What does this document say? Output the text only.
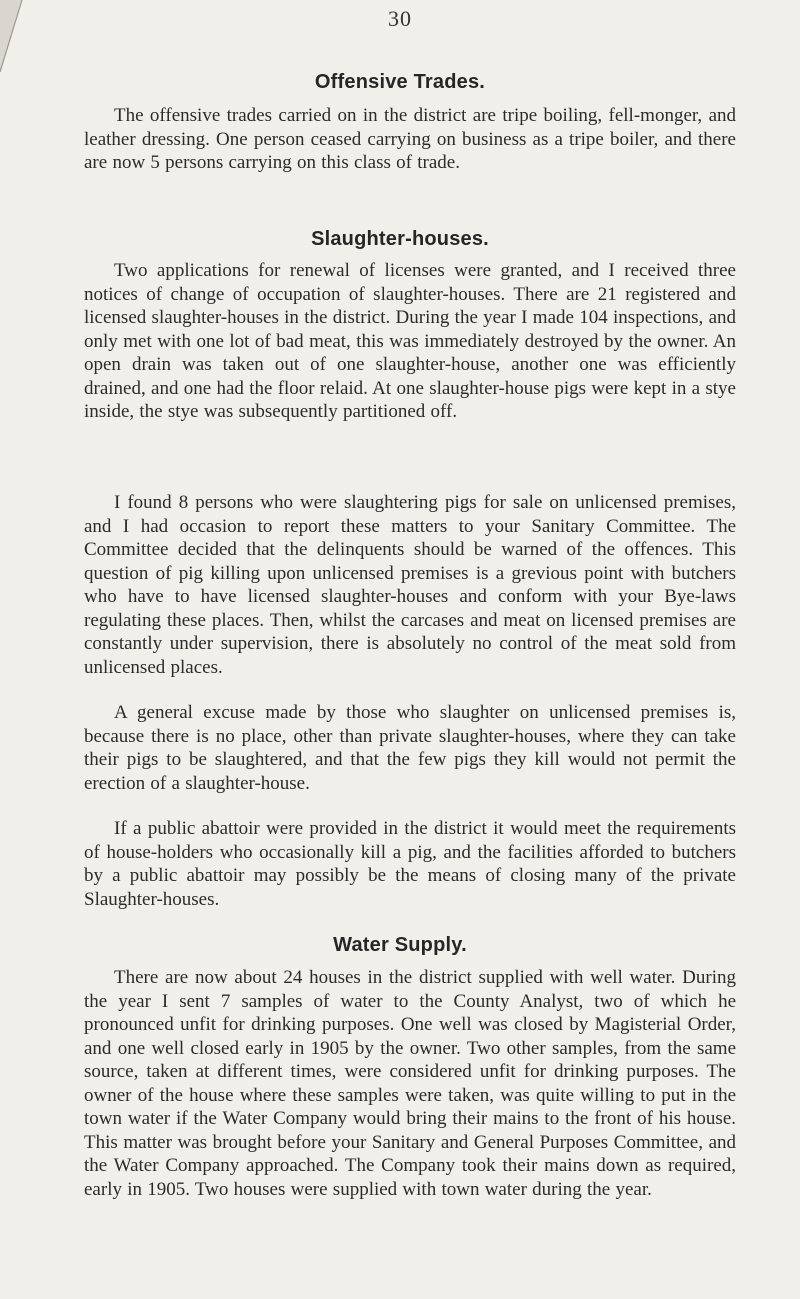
30
Offensive Trades.

The offensive trades carried on in the district are tripe boiling, fell-monger, and leather dressing. One person ceased carrying on business as a tripe boiler, and there are now 5 persons carrying on this class of trade.

Slaughter-houses.

Two applications for renewal of licenses were granted, and I received three notices of change of occupation of slaughter-houses. There are 21 registered and licensed slaughter-houses in the district. During the year I made 104 inspections, and only met with one lot of bad meat, this was immediately destroyed by the owner. An open drain was taken out of one slaughter-house, another one was efficiently drained, and one had the floor relaid. At one slaughter-house pigs were kept in a stye inside, the stye was subsequently partitioned off.

I found 8 persons who were slaughtering pigs for sale on unlicensed premises, and I had occasion to report these matters to your Sanitary Committee. The Committee decided that the delinquents should be warned of the offences. This question of pig killing upon unlicensed premises is a grevious point with butchers who have to have licensed slaughter-houses and conform with your Bye-laws regulating these places. Then, whilst the carcases and meat on licensed premises are constantly under supervision, there is absolutely no control of the meat sold from unlicensed places.

A general excuse made by those who slaughter on unlicensed premises is, because there is no place, other than private slaughter-houses, where they can take their pigs to be slaughtered, and that the few pigs they kill would not permit the erection of a slaughter-house.

If a public abattoir were provided in the district it would meet the requirements of house-holders who occasionally kill a pig, and the facilities afforded to butchers by a public abattoir may possibly be the means of closing many of the private Slaughter-houses.

Water Supply.

There are now about 24 houses in the district supplied with well water. During the year I sent 7 samples of water to the County Analyst, two of which he pronounced unfit for drinking purposes. One well was closed by Magisterial Order, and one well closed early in 1905 by the owner. Two other samples, from the same source, taken at different times, were considered unfit for drinking purposes. The owner of the house where these samples were taken, was quite willing to put in the town water if the Water Company would bring their mains to the front of his house. This matter was brought before your Sanitary and General Purposes Committee, and the Water Company approached. The Company took their mains down as required, early in 1905. Two houses were supplied with town water during the year.
